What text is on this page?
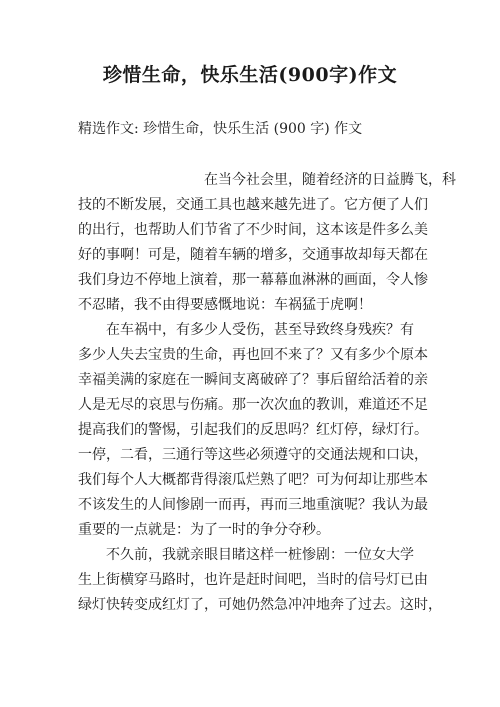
珍惜生命，快乐生活(900字)作文
精选作文: 珍惜生命，快乐生活 (900 字) 作文
　　　　　　　　　在当今社会里，随着经济的日益腾飞，科
技的不断发展，交通工具也越来越先进了。它方便了人们
的出行，也帮助人们节省了不少时间，这本该是件多么美
好的事啊！可是，随着车辆的增多，交通事故却每天都在
我们身边不停地上演着，那一幕幕血淋淋的画面，令人惨
不忍睹，我不由得要感慨地说：车祸猛于虎啊！
　　在车祸中，有多少人受伤，甚至导致终身残疾？有
多少人失去宝贵的生命，再也回不来了？又有多少个原本
幸福美满的家庭在一瞬间支离破碎了？事后留给活着的亲
人是无尽的哀思与伤痛。那一次次血的教训，难道还不足
提高我们的警惕，引起我们的反思吗？红灯停，绿灯行。
一停，二看，三通行等这些必须遵守的交通法规和口诀，
我们每个人大概都背得滚瓜烂熟了吧？可为何却让那些本
不该发生的人间惨剧一而再，再而三地重演呢？我认为最
重要的一点就是：为了一时的争分夺秒。
　　不久前，我就亲眼目睹这样一桩惨剧：一位女大学
生上街横穿马路时，也许是赶时间吧，当时的信号灯已由
绿灯快转变成红灯了，可她仍然急冲冲地奔了过去。这时，
